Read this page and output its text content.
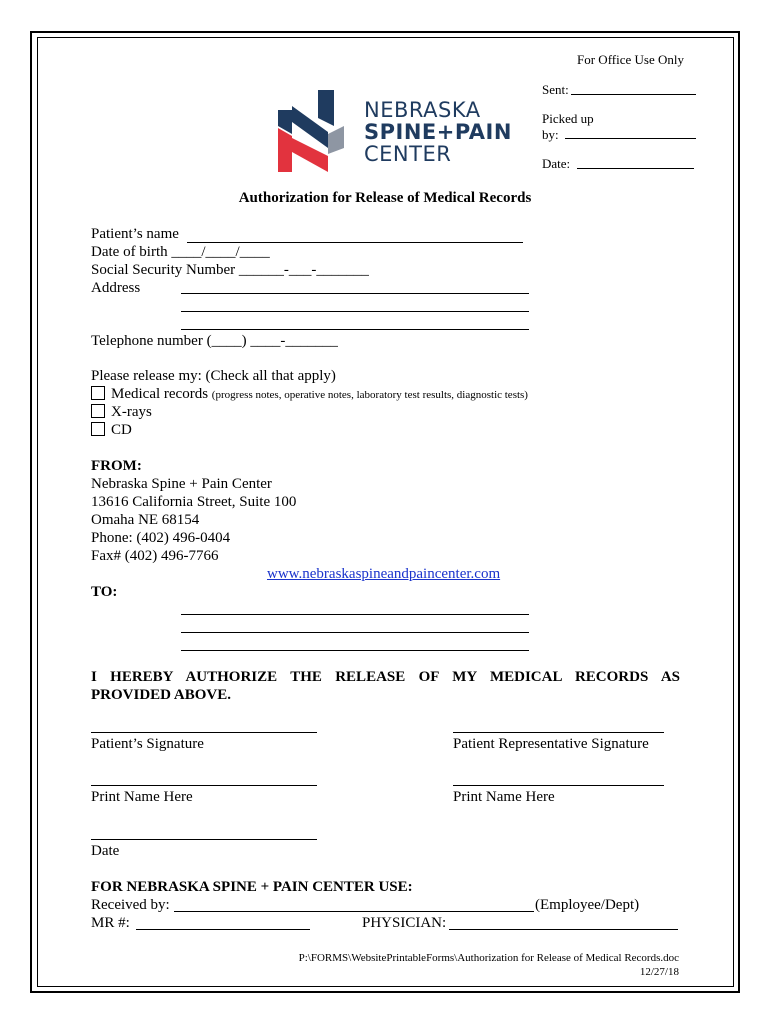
For Office Use Only
Sent:
Picked up
by:
Date:
NEBRASKA
SPINE+PAIN
CENTER
Authorization for Release of Medical Records
Patient’s name
Date of birth ____/____/____
Social Security Number ______-___-_______
Address
Telephone number (____) ____-_______
Please release my: (Check all that apply)
Medical records (progress notes, operative notes, laboratory test results, diagnostic tests)
X-rays
CD
FROM:
Nebraska Spine + Pain Center
13616 California Street, Suite 100
Omaha NE 68154
Phone: (402) 496-0404
Fax# (402) 496-7766
www.nebraskaspineandpaincenter.com
TO:
I HEREBY AUTHORIZE THE RELEASE OF MY MEDICAL RECORDS AS
PROVIDED ABOVE.
Patient’s Signature	Patient Representative Signature
Print Name Here	Print Name Here
Date
FOR NEBRASKA SPINE + PAIN CENTER USE:
Received by:	(Employee/Dept)
MR #:	PHYSICIAN:
P:\FORMS\WebsitePrintableForms\Authorization for Release of Medical Records.doc
12/27/18
